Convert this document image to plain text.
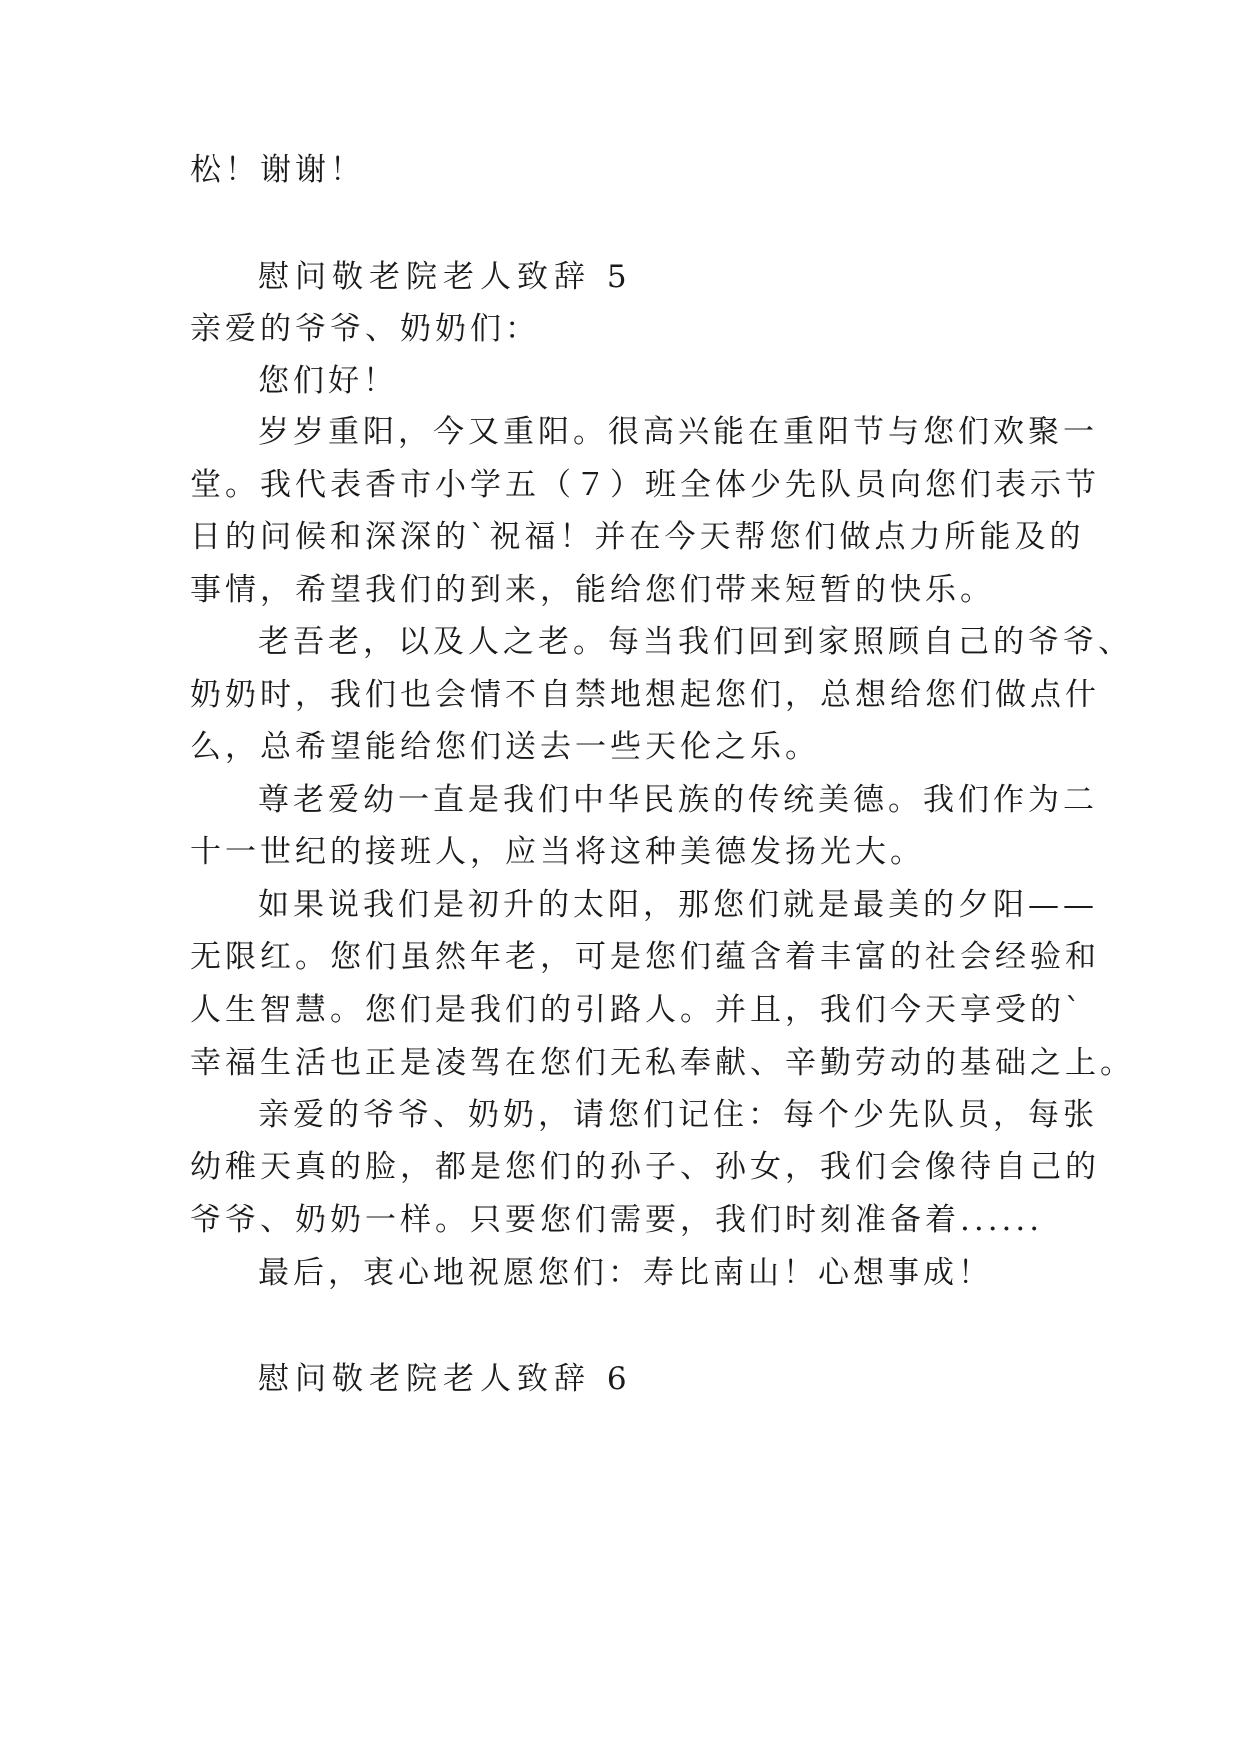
松！谢谢！
慰问敬老院老人致辞 5
亲爱的爷爷、奶奶们：
您们好！
岁岁重阳，今又重阳。很高兴能在重阳节与您们欢聚一
堂。我代表香市小学五（７）班全体少先队员向您们表示节
日的问候和深深的`祝福！并在今天帮您们做点力所能及的
事情，希望我们的到来，能给您们带来短暂的快乐。
老吾老，以及人之老。每当我们回到家照顾自己的爷爷、
奶奶时，我们也会情不自禁地想起您们，总想给您们做点什
么，总希望能给您们送去一些天伦之乐。
尊老爱幼一直是我们中华民族的传统美德。我们作为二
十一世纪的接班人，应当将这种美德发扬光大。
如果说我们是初升的太阳，那您们就是最美的夕阳——
无限红。您们虽然年老，可是您们蕴含着丰富的社会经验和
人生智慧。您们是我们的引路人。并且，我们今天享受的`
幸福生活也正是凌驾在您们无私奉献、辛勤劳动的基础之上。
亲爱的爷爷、奶奶，请您们记住：每个少先队员，每张
幼稚天真的脸，都是您们的孙子、孙女，我们会像待自己的
爷爷、奶奶一样。只要您们需要，我们时刻准备着......
最后，衷心地祝愿您们：寿比南山！心想事成！
慰问敬老院老人致辞 6
